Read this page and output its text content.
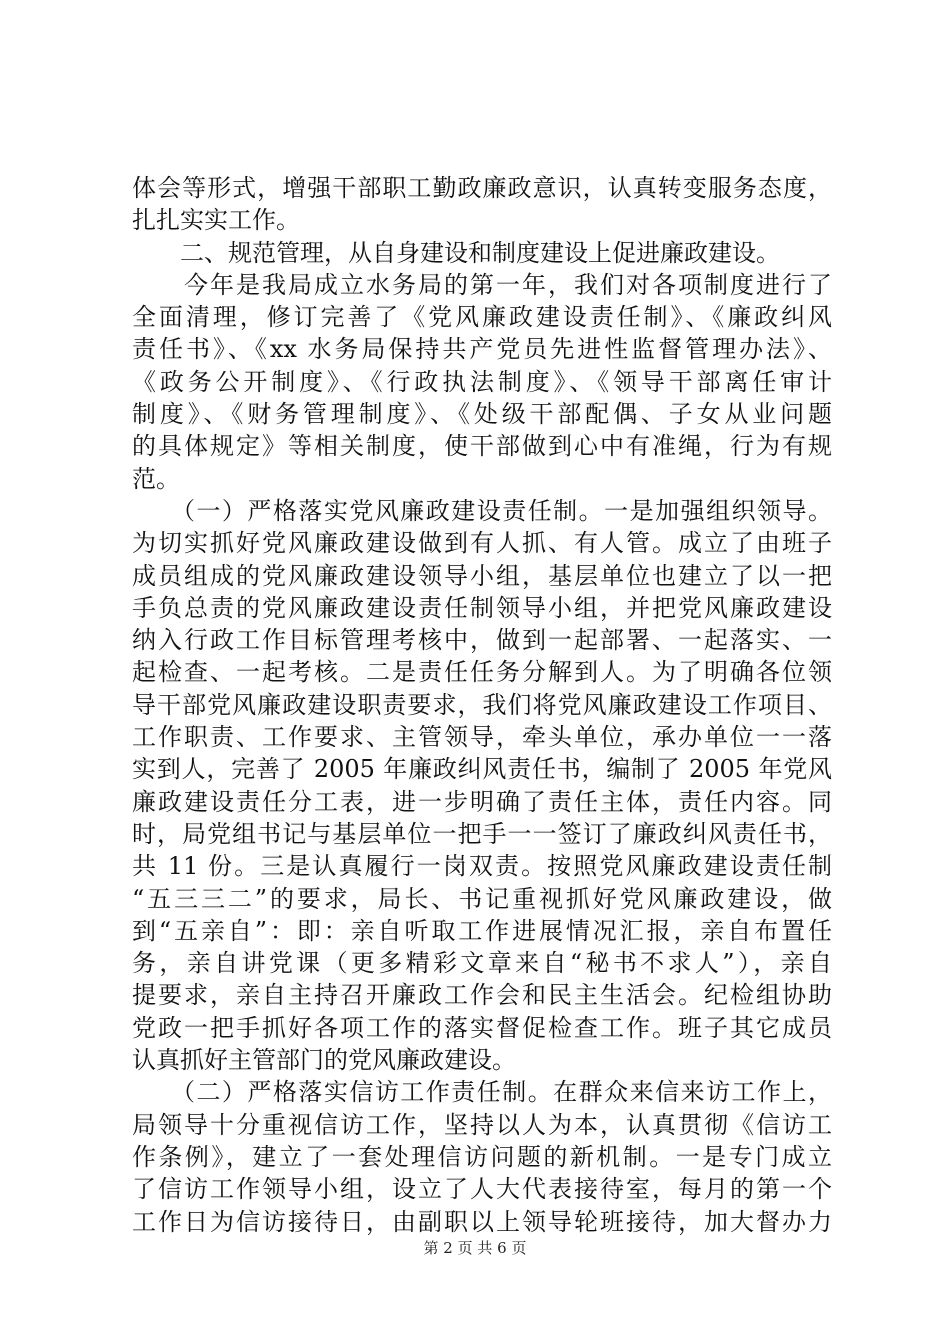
体会等形式，增强干部职工勤政廉政意识，认真转变服务态度，
扎扎实实工作。
　　二、规范管理，从自身建设和制度建设上促进廉政建设。
　　今年是我局成立水务局的第一年，我们对各项制度进行了
全面清理，修订完善了《党风廉政建设责任制》、《廉政纠风
责任书》、《xx 水务局保持共产党员先进性监督管理办法》、
《政务公开制度》、《行政执法制度》、《领导干部离任审计
制度》、《财务管理制度》、《处级干部配偶、子女从业问题
的具体规定》等相关制度，使干部做到心中有准绳，行为有规
范。
　　（一）严格落实党风廉政建设责任制。一是加强组织领导。
为切实抓好党风廉政建设做到有人抓、有人管。成立了由班子
成员组成的党风廉政建设领导小组，基层单位也建立了以一把
手负总责的党风廉政建设责任制领导小组，并把党风廉政建设
纳入行政工作目标管理考核中，做到一起部署、一起落实、一
起检查、一起考核。二是责任任务分解到人。为了明确各位领
导干部党风廉政建设职责要求，我们将党风廉政建设工作项目、
工作职责、工作要求、主管领导，牵头单位，承办单位一一落
实到人，完善了 2005 年廉政纠风责任书，编制了 2005 年党风
廉政建设责任分工表，进一步明确了责任主体，责任内容。同
时，局党组书记与基层单位一把手一一签订了廉政纠风责任书，
共 11 份。三是认真履行一岗双责。按照党风廉政建设责任制
“五三三二”的要求，局长、书记重视抓好党风廉政建设，做
到“五亲自”：即：亲自听取工作进展情况汇报，亲自布置任
务，亲自讲党课（更多精彩文章来自“秘书不求人”），亲自
提要求，亲自主持召开廉政工作会和民主生活会。纪检组协助
党政一把手抓好各项工作的落实督促检查工作。班子其它成员
认真抓好主管部门的党风廉政建设。
　　（二）严格落实信访工作责任制。在群众来信来访工作上，
局领导十分重视信访工作，坚持以人为本，认真贯彻《信访工
作条例》，建立了一套处理信访问题的新机制。一是专门成立
了信访工作领导小组，设立了人大代表接待室，每月的第一个
工作日为信访接待日，由副职以上领导轮班接待，加大督办力
第 2 页 共 6 页
